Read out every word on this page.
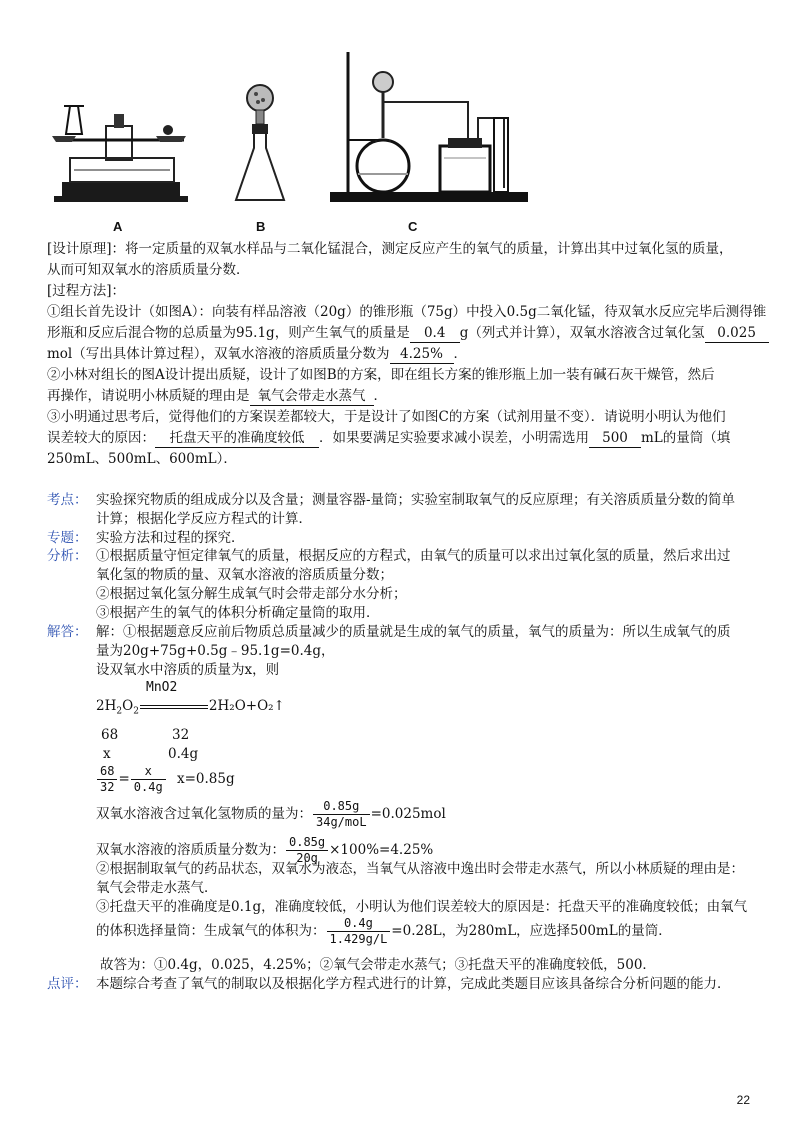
A	B	C
[设计原理]：将一定质量的双氧水样品与二氧化锰混合，测定反应产生的氧气的质量，计算出其中过氧化氢的质量，
从而可知双氧水的溶质质量分数．
[过程方法]：
①组长首先设计（如图A）：向装有样品溶液（20g）的锥形瓶（75g）中投入0.5g二氧化锰，待双氧水反应完毕后测得锥
形瓶和反应后混合物的总质量为95.1g，则产生氧气的质量是 0.4 g（列式并计算），双氧水溶液含过氧化氢 0.025
mol（写出具体计算过程），双氧水溶液的溶质质量分数为 4.25% ．
②小林对组长的图A设计提出质疑，设计了如图B的方案，即在组长方案的锥形瓶上加一装有碱石灰干燥管，然后
再操作，请说明小林质疑的理由是 氧气会带走水蒸气 ．
③小明通过思考后，觉得他们的方案误差都较大，于是设计了如图C的方案（试剂用量不变）．请说明小明认为他们
误差较大的原因： 托盘天平的准确度较低 ．如果要满足实验要求减小误差，小明需选用 500 mL的量筒（填
250mL、500mL、600mL）．
考点： 实验探究物质的组成成分以及含量；测量容器-量筒；实验室制取氧气的反应原理；有关溶质质量分数的简单
计算；根据化学反应方程式的计算．
专题： 实验方法和过程的探究．
分析： ①根据质量守恒定律氧气的质量，根据反应的方程式，由氧气的质量可以求出过氧化氢的质量，然后求出过
氧化氢的物质的量、双氧水溶液的溶质质量分数；
②根据过氧化氢分解生成氧气时会带走部分水分析；
③根据产生的氧气的体积分析确定量筒的取用．
解答： 解：①根据题意反应前后物质总质量减少的质量就是生成的氧气的质量，氧气的质量为：所以生成氧气的质
量为20g+75g+0.5g﹣95.1g=0.4g，
设双氧水中溶质的质量为x，则
MnO2
$2H_2O_2$	2H₂O+O₂↑
68	32
x	0.4g
$\frac{68}{32} = \frac{x}{0.4g} x=0.85g$
双氧水溶液含过氧化氢物质的量为： $\frac{0.85g}{\text{34g/moL}} =0.025mol$
双氧水溶液的溶质质量分数为： $\frac{0.85g}{20g} \times 100\%=4.25\%$
②根据制取氧气的药品状态，双氧水为液态，当氧气从溶液中逸出时会带走水蒸气，所以小林质疑的理由是：
氧气会带走水蒸气．
③托盘天平的准确度是0.1g，准确度较低，小明认为他们误差较大的原因是：托盘天平的准确度较低；由氧气
的体积选择量筒：生成氧气的体积为： $\frac{0.4g}{1.429g/L} =0.28L$，为280mL，应选择500mL的量筒．
故答为：①0.4g，0.025，4.25%；②氧气会带走水蒸气；③托盘天平的准确度较低，500．
点评： 本题综合考查了氧气的制取以及根据化学方程式进行的计算，完成此类题目应该具备综合分析问题的能力．
22
